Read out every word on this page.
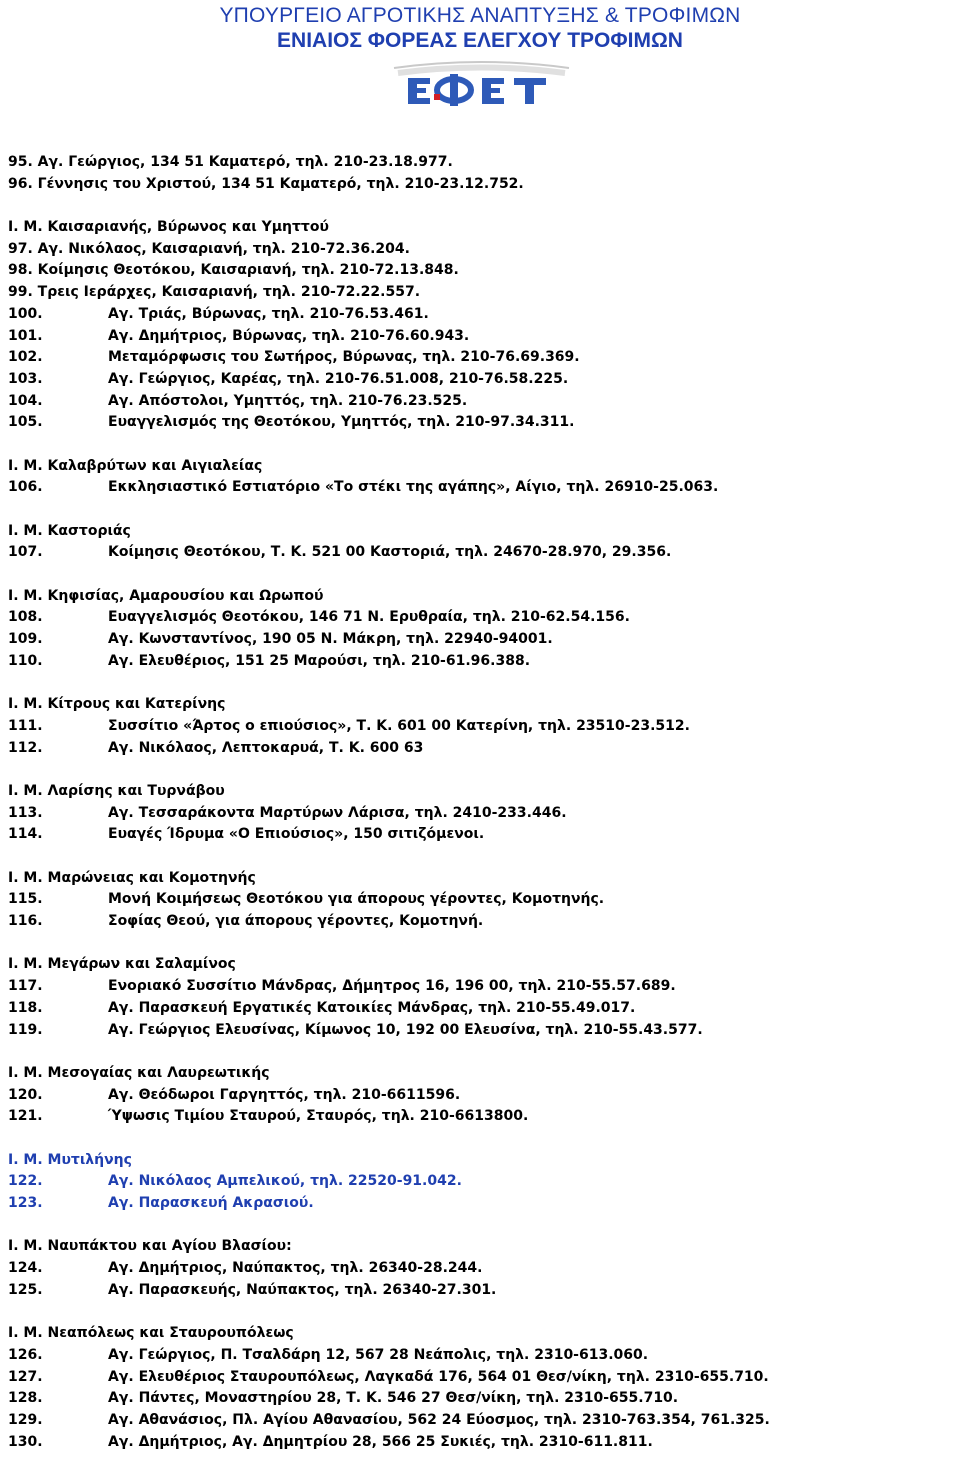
ΥΠΟΥΡΓΕΙΟ ΑΓΡΟΤΙΚΗΣ ΑΝΑΠΤΥΞΗΣ & ΤΡΟΦΙΜΩΝ
ΕΝΙΑΙΟΣ ΦΟΡΕΑΣ ΕΛΕΓΧΟΥ ΤΡΟΦΙΜΩΝ
95. Αγ. Γεώργιος, 134 51 Καματερό, τηλ. 210-23.18.977.
96. Γέννησις του Χριστού, 134 51 Καματερό, τηλ. 210-23.12.752.
Ι. Μ. Καισαριανής, Βύρωνος και Υμηττού
97. Αγ. Νικόλαος, Καισαριανή, τηλ. 210-72.36.204.
98. Κοίμησις Θεοτόκου, Καισαριανή, τηλ. 210-72.13.848.
99. Τρεις Ιεράρχες, Καισαριανή, τηλ. 210-72.22.557.
100.	Αγ. Τριάς, Βύρωνας, τηλ. 210-76.53.461.
101.	Αγ. Δημήτριος, Βύρωνας, τηλ. 210-76.60.943.
102.	Μεταμόρφωσις του Σωτήρος, Βύρωνας, τηλ. 210-76.69.369.
103.	Αγ. Γεώργιος, Καρέας, τηλ. 210-76.51.008, 210-76.58.225.
104.	Αγ. Απόστολοι, Υμηττός, τηλ. 210-76.23.525.
105.	Ευαγγελισμός της Θεοτόκου, Υμηττός, τηλ. 210-97.34.311.
Ι. Μ. Καλαβρύτων και Αιγιαλείας
106.	Εκκλησιαστικό Εστιατόριο «Το στέκι της αγάπης», Αίγιο, τηλ. 26910-25.063.
Ι. Μ. Καστοριάς
107.	Κοίμησις Θεοτόκου, Τ. Κ. 521 00 Καστοριά, τηλ. 24670-28.970, 29.356.
Ι. Μ. Κηφισίας, Αμαρουσίου και Ωρωπού
108.	Ευαγγελισμός Θεοτόκου, 146 71 Ν. Ερυθραία, τηλ. 210-62.54.156.
109.	Αγ. Κωνσταντίνος, 190 05 Ν. Μάκρη, τηλ. 22940-94001.
110.	Αγ. Ελευθέριος, 151 25 Μαρούσι, τηλ. 210-61.96.388.
Ι. Μ. Κίτρους και Κατερίνης
111.	Συσσίτιο «Άρτος ο επιούσιος», Τ. Κ. 601 00 Κατερίνη, τηλ. 23510-23.512.
112.	Αγ. Νικόλαος, Λεπτοκαρυά, Τ. Κ. 600 63
Ι. Μ. Λαρίσης και Τυρνάβου
113.	Αγ. Τεσσαράκοντα Μαρτύρων Λάρισα, τηλ. 2410-233.446.
114.	Ευαγές Ίδρυμα «Ο Επιούσιος», 150 σιτιζόμενοι.
Ι. Μ. Μαρώνειας και Κομοτηνής
115.	Μονή Κοιμήσεως Θεοτόκου για άπορους γέροντες, Κομοτηνής.
116.	Σοφίας Θεού, για άπορους γέροντες, Κομοτηνή.
Ι. Μ. Μεγάρων και Σαλαμίνος
117.	Ενοριακό Συσσίτιο Μάνδρας, Δήμητρος 16, 196 00, τηλ. 210-55.57.689.
118.	Αγ. Παρασκευή Εργατικές Κατοικίες Μάνδρας, τηλ. 210-55.49.017.
119.	Αγ. Γεώργιος Ελευσίνας, Κίμωνος 10, 192 00 Ελευσίνα, τηλ. 210-55.43.577.
Ι. Μ. Μεσογαίας και Λαυρεωτικής
120.	Αγ. Θεόδωροι Γαργηττός, τηλ. 210-6611596.
121.	Ύψωσις Τιμίου Σταυρού, Σταυρός, τηλ. 210-6613800.
Ι. Μ. Μυτιλήνης
122.	Αγ. Νικόλαος Αμπελικού, τηλ. 22520-91.042.
123.	Αγ. Παρασκευή Ακρασιού.
Ι. Μ. Ναυπάκτου και Αγίου Βλασίου:
124.	Αγ. Δημήτριος, Ναύπακτος, τηλ. 26340-28.244.
125.	Αγ. Παρασκευής, Ναύπακτος, τηλ. 26340-27.301.
Ι. Μ. Νεαπόλεως και Σταυρουπόλεως
126.	Αγ. Γεώργιος, Π. Τσαλδάρη 12, 567 28 Νεάπολις, τηλ. 2310-613.060.
127.	Αγ. Ελευθέριος Σταυρουπόλεως, Λαγκαδά 176, 564 01 Θεσ/νίκη, τηλ. 2310-655.710.
128.	Αγ. Πάντες, Μοναστηρίου 28, Τ. Κ. 546 27 Θεσ/νίκη, τηλ. 2310-655.710.
129.	Αγ. Αθανάσιος, Πλ. Αγίου Αθανασίου, 562 24 Εύοσμος, τηλ. 2310-763.354, 761.325.
130.	Αγ. Δημήτριος, Αγ. Δημητρίου 28, 566 25 Συκιές, τηλ. 2310-611.811.
